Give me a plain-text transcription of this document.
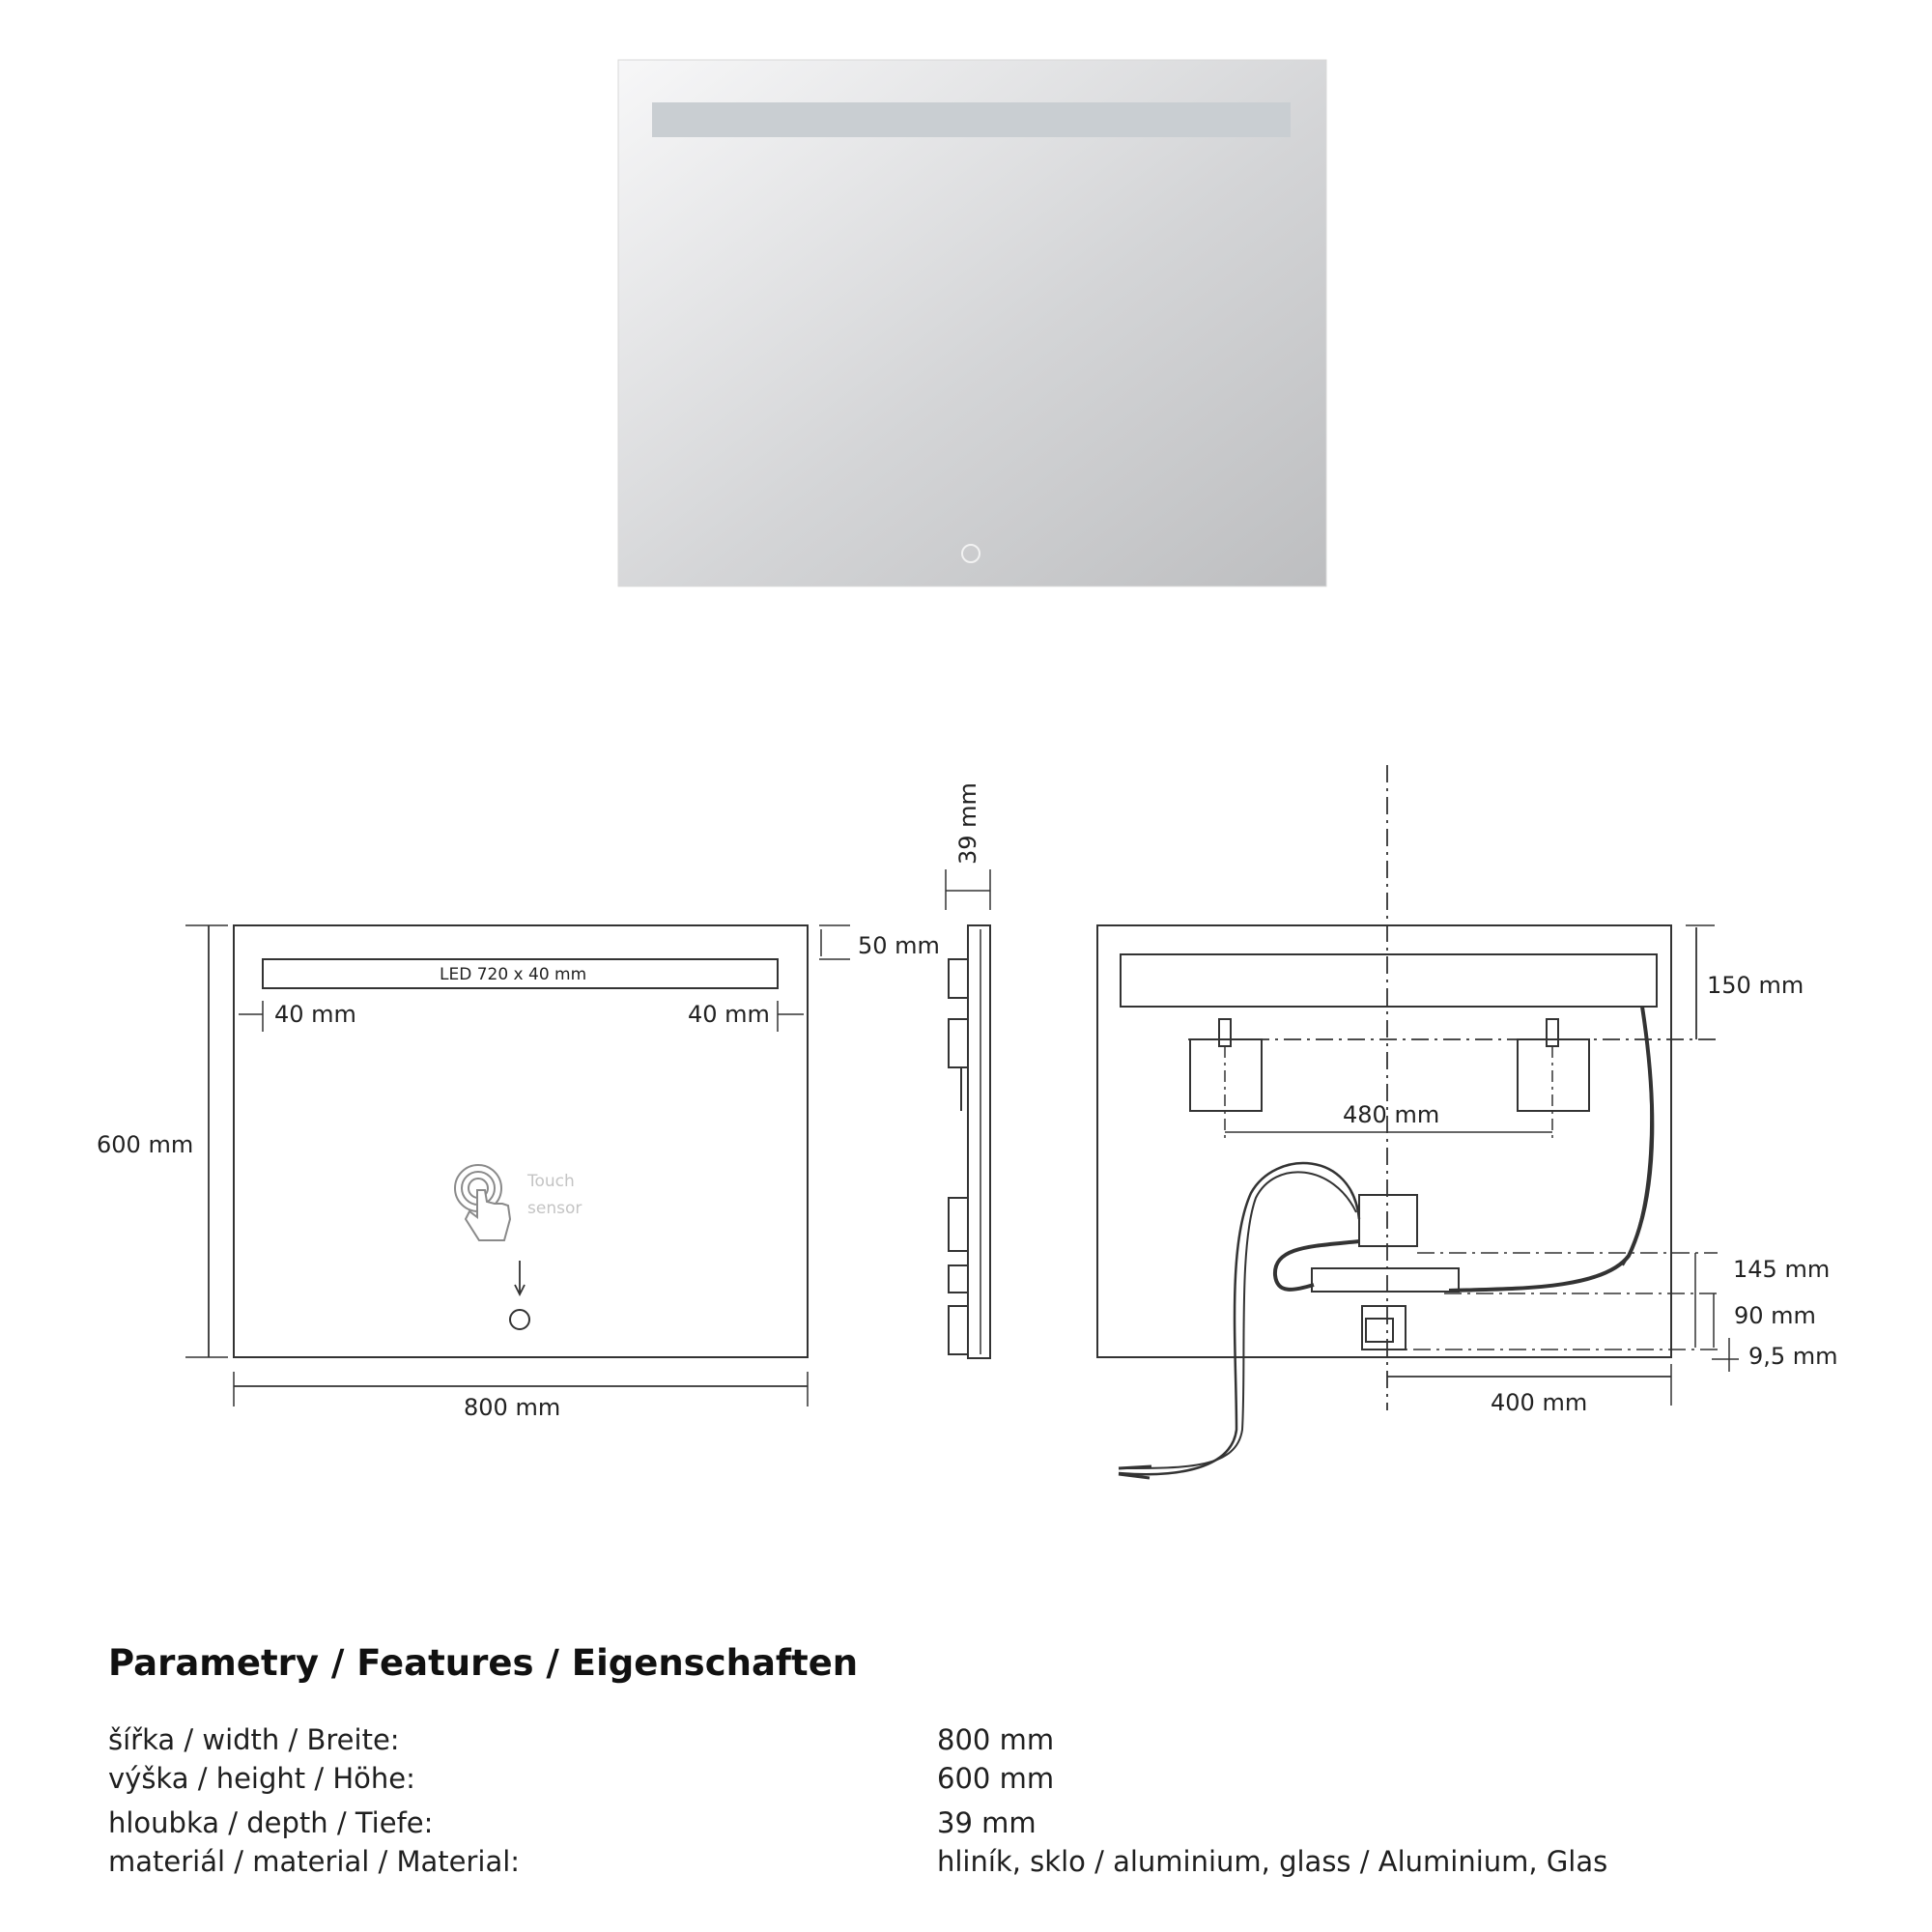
600 mm
800 mm
LED 720 x 40 mm
40 mm	40 mm
50 mm
Touch
sensor
39 mm
150 mm
480 mm
145 mm
90 mm
9,5 mm
400 mm
Parametry / Features / Eigenschaften
šířka / width / Breite:	800 mm
výška / height / Höhe:	600 mm
hloubka / depth / Tiefe:	39 mm
materiál / material / Material:	hliník, sklo / aluminium, glass / Aluminium, Glas
